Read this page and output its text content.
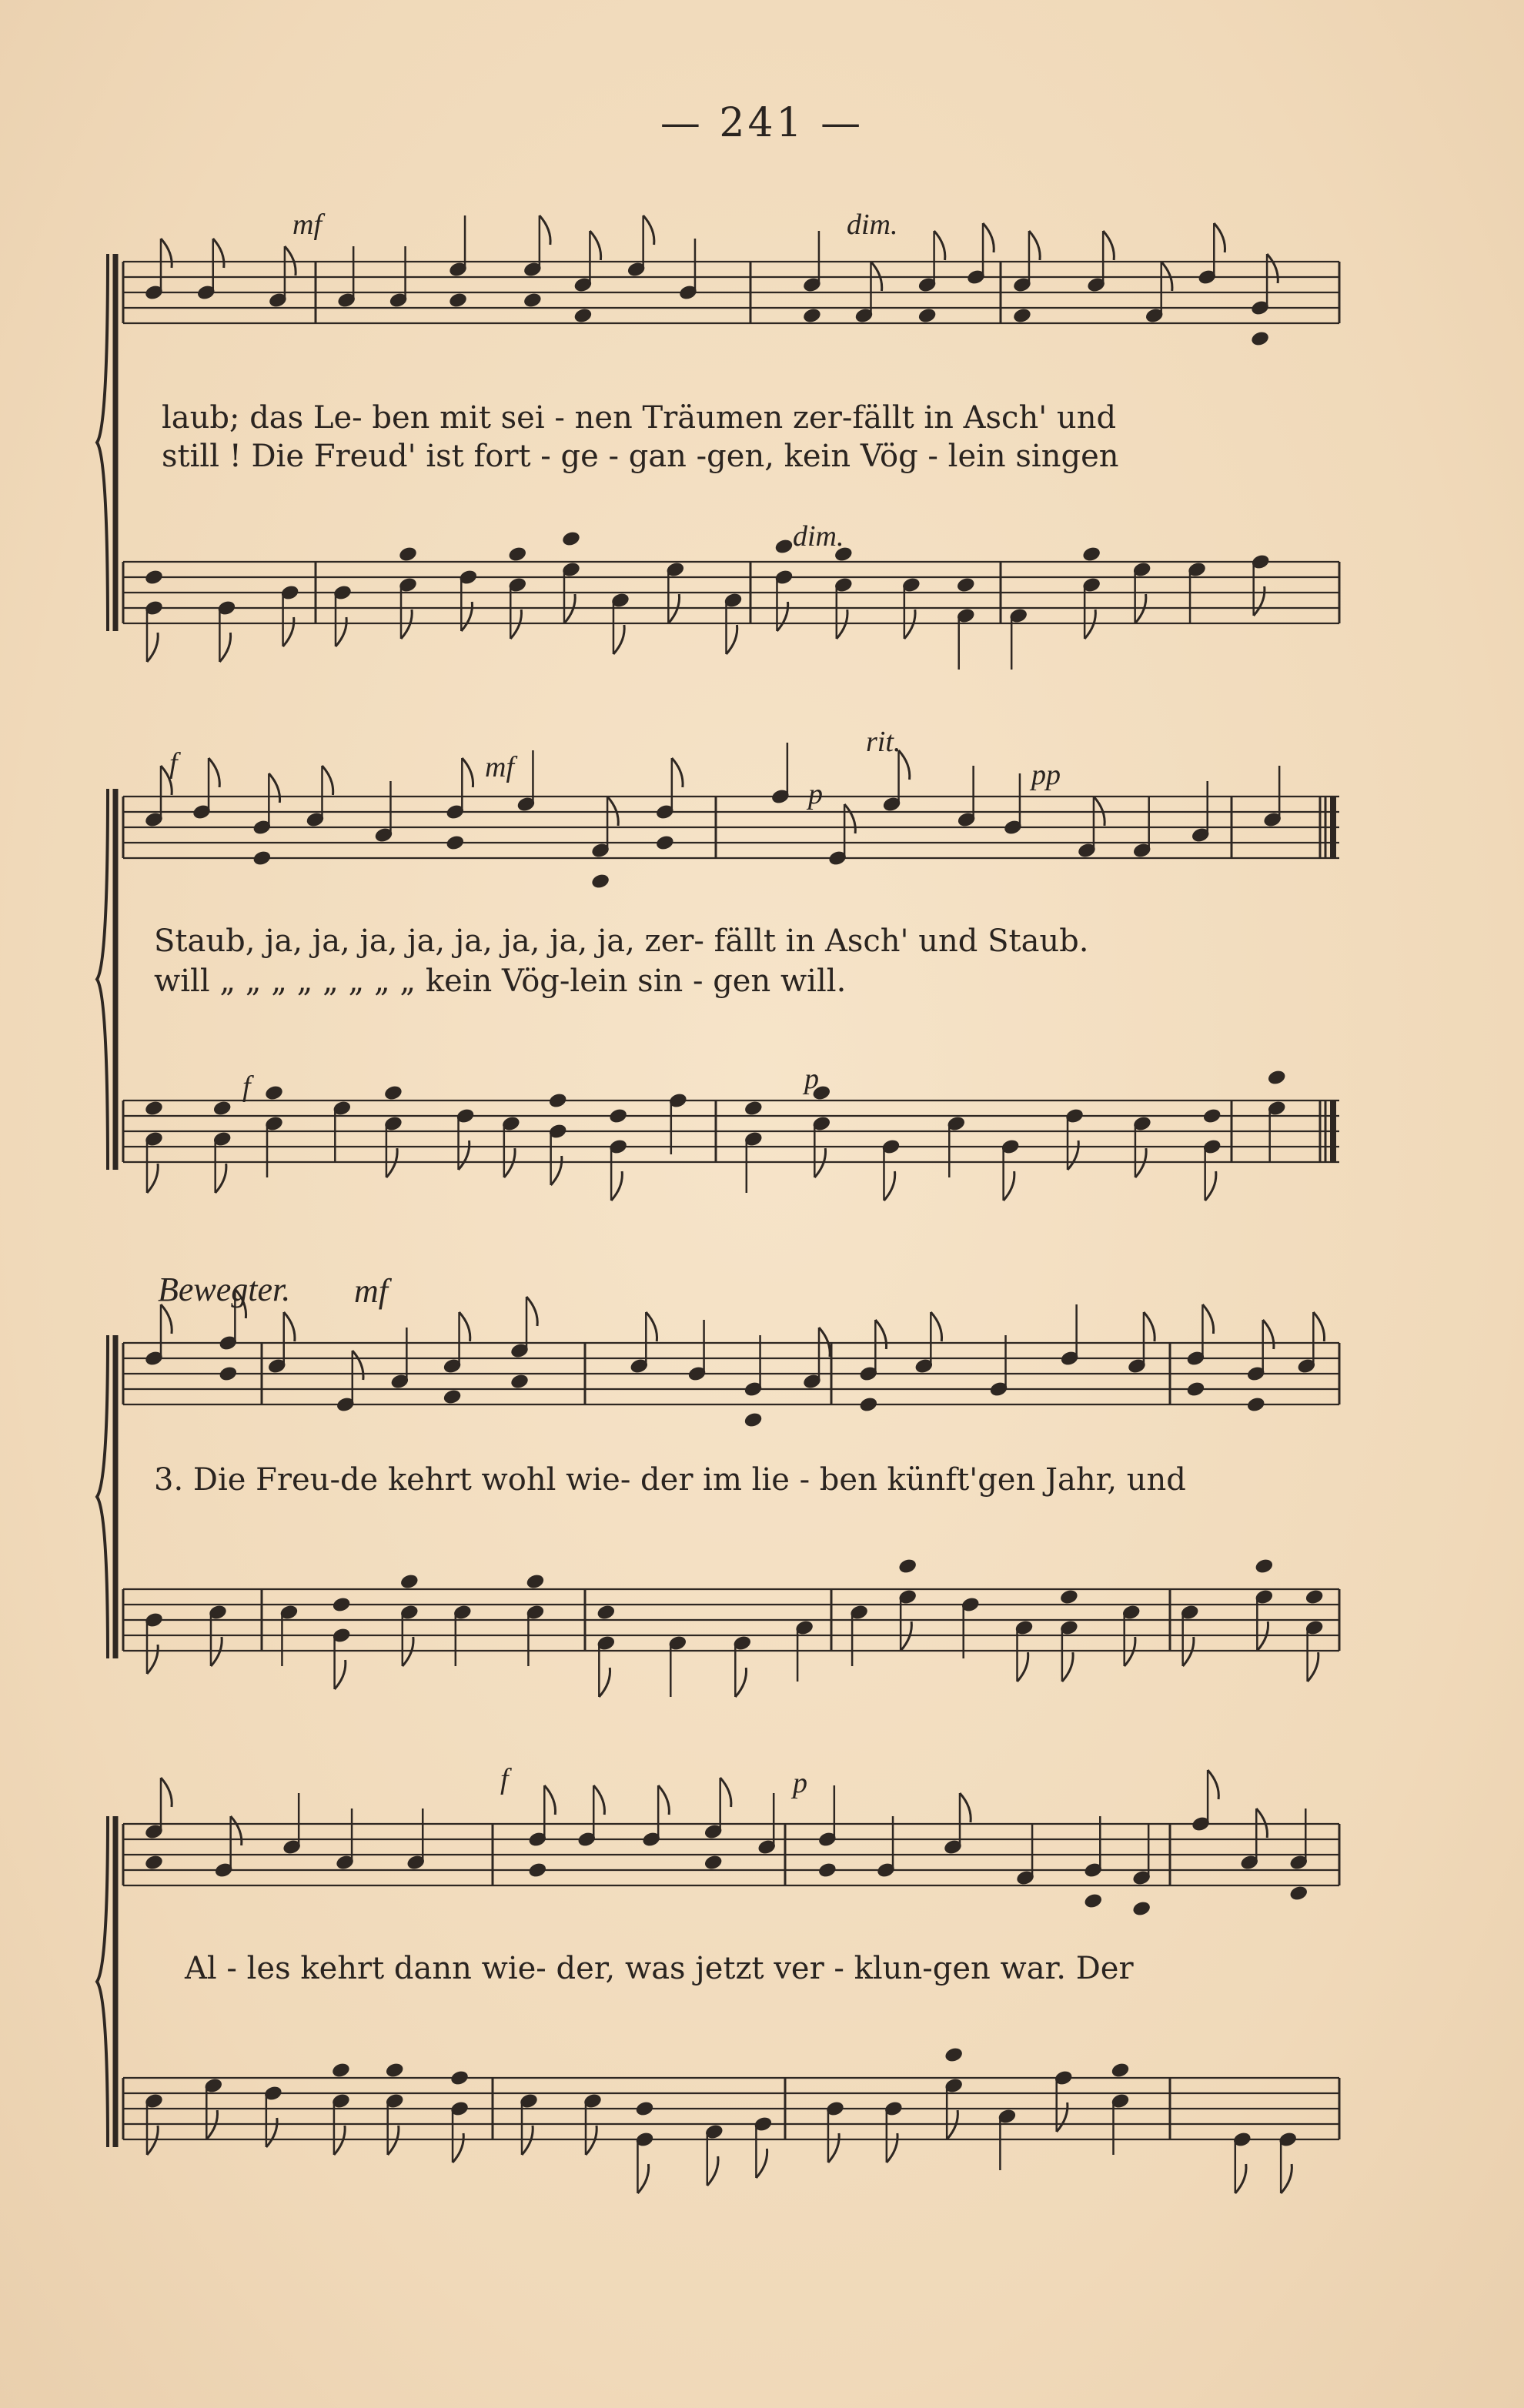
— 241 —
mf	dim.
dim.
laub; das Le- ben mit sei - nen Träumen zer-fällt in Asch' und
still ! Die Freud' ist fort - ge - gan -gen, kein Vög - lein singen
f	mf
p
rit.
pp
f	p
Staub, ja, ja, ja, ja, ja, ja, ja, ja, zer- fällt in Asch' und Staub.
will „ „ „ „ „ „ „ „ kein Vög-lein sin - gen will.
Bewegter. mf
3. Die Freu-de kehrt wohl wie- der im lie - ben künft'gen Jahr, und
f	p
Al - les kehrt dann wie- der, was jetzt ver - klun-gen war. Der
